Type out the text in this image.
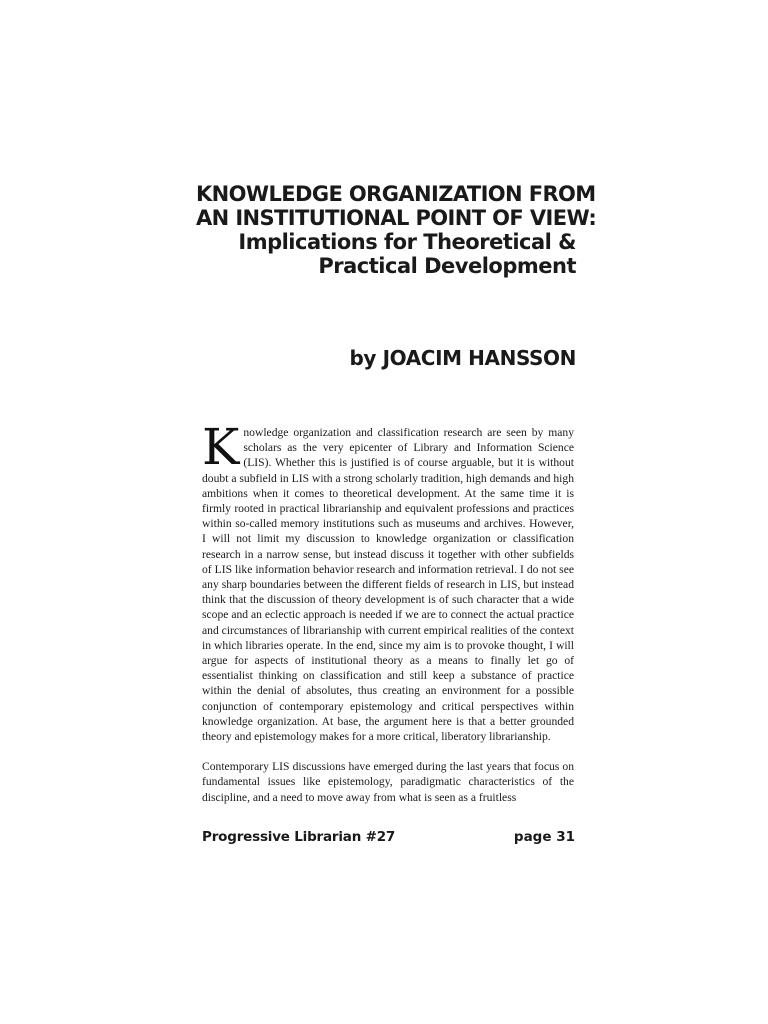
KNOWLEDGE ORGANIZATION FROM
AN INSTITUTIONAL POINT OF VIEW:
Implications for Theoretical &
Practical Development
by JOACIM HANSSON

Knowledge organization and classification research are seen by many scholars as the very epicenter of Library and Information Science (LIS). Whether this is justified is of course arguable, but it is without doubt a subfield in LIS with a strong scholarly tradition, high demands and high ambitions when it comes to theoretical development. At the same time it is firmly rooted in practical librarianship and equivalent professions and practices within so-called memory institutions such as museums and archives. However, I will not limit my discussion to knowledge organization or classification research in a narrow sense, but instead discuss it together with other subfields of LIS like information behavior research and information retrieval. I do not see any sharp boundaries between the different fields of research in LIS, but instead think that the discussion of theory development is of such character that a wide scope and an eclectic approach is needed if we are to connect the actual practice and circumstances of librarianship with current empirical realities of the context in which libraries operate. In the end, since my aim is to provoke thought, I will argue for aspects of institutional theory as a means to finally let go of essentialist thinking on classification and still keep a substance of practice within the denial of absolutes, thus creating an environment for a possible conjunction of contemporary epistemology and critical perspectives within knowledge organization. At base, the argument here is that a better grounded theory and epistemology makes for a more critical, liberatory librarianship.

Contemporary LIS discussions have emerged during the last years that focus on fundamental issues like epistemology, paradigmatic characteristics of the discipline, and a need to move away from what is seen as a fruitless

Progressive Librarian #27	page 31
